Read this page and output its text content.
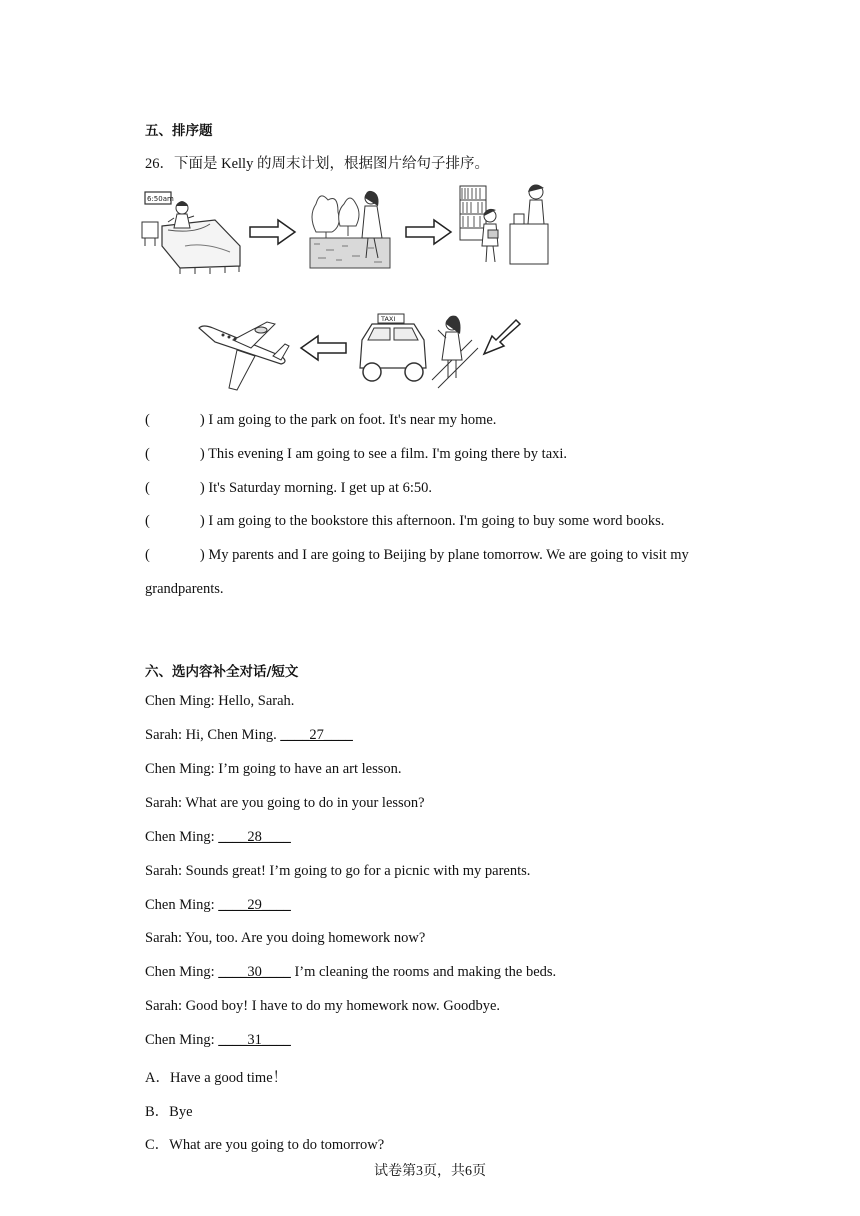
五、排序题
26．下面是 Kelly 的周末计划，根据图片给句子排序。
6:50am
TAXI
(	) I am going to the park on foot. It's near my home.
(	) This evening I am going to see a film. I'm going there by taxi.
(	) It's Saturday morning. I get up at 6:50.
(	) I am going to the bookstore this afternoon. I'm going to buy some word books.
(	) My parents and I are going to Beijing by plane tomorrow. We are going to visit my
grandparents.
六、选内容补全对话/短文
Chen Ming: Hello, Sarah.
Sarah: Hi, Chen Ming. ____27____
Chen Ming: I’m going to have an art lesson.
Sarah: What are you going to do in your lesson?
Chen Ming: ____28____
Sarah: Sounds great! I’m going to go for a picnic with my parents.
Chen Ming: ____29____
Sarah: You, too. Are you doing homework now?
Chen Ming: ____30____ I’m cleaning the rooms and making the beds.
Sarah: Good boy! I have to do my homework now. Goodbye.
Chen Ming: ____31____
A．Have a good time！
B．Bye
C．What are you going to do tomorrow?
试卷第3页，共6页
